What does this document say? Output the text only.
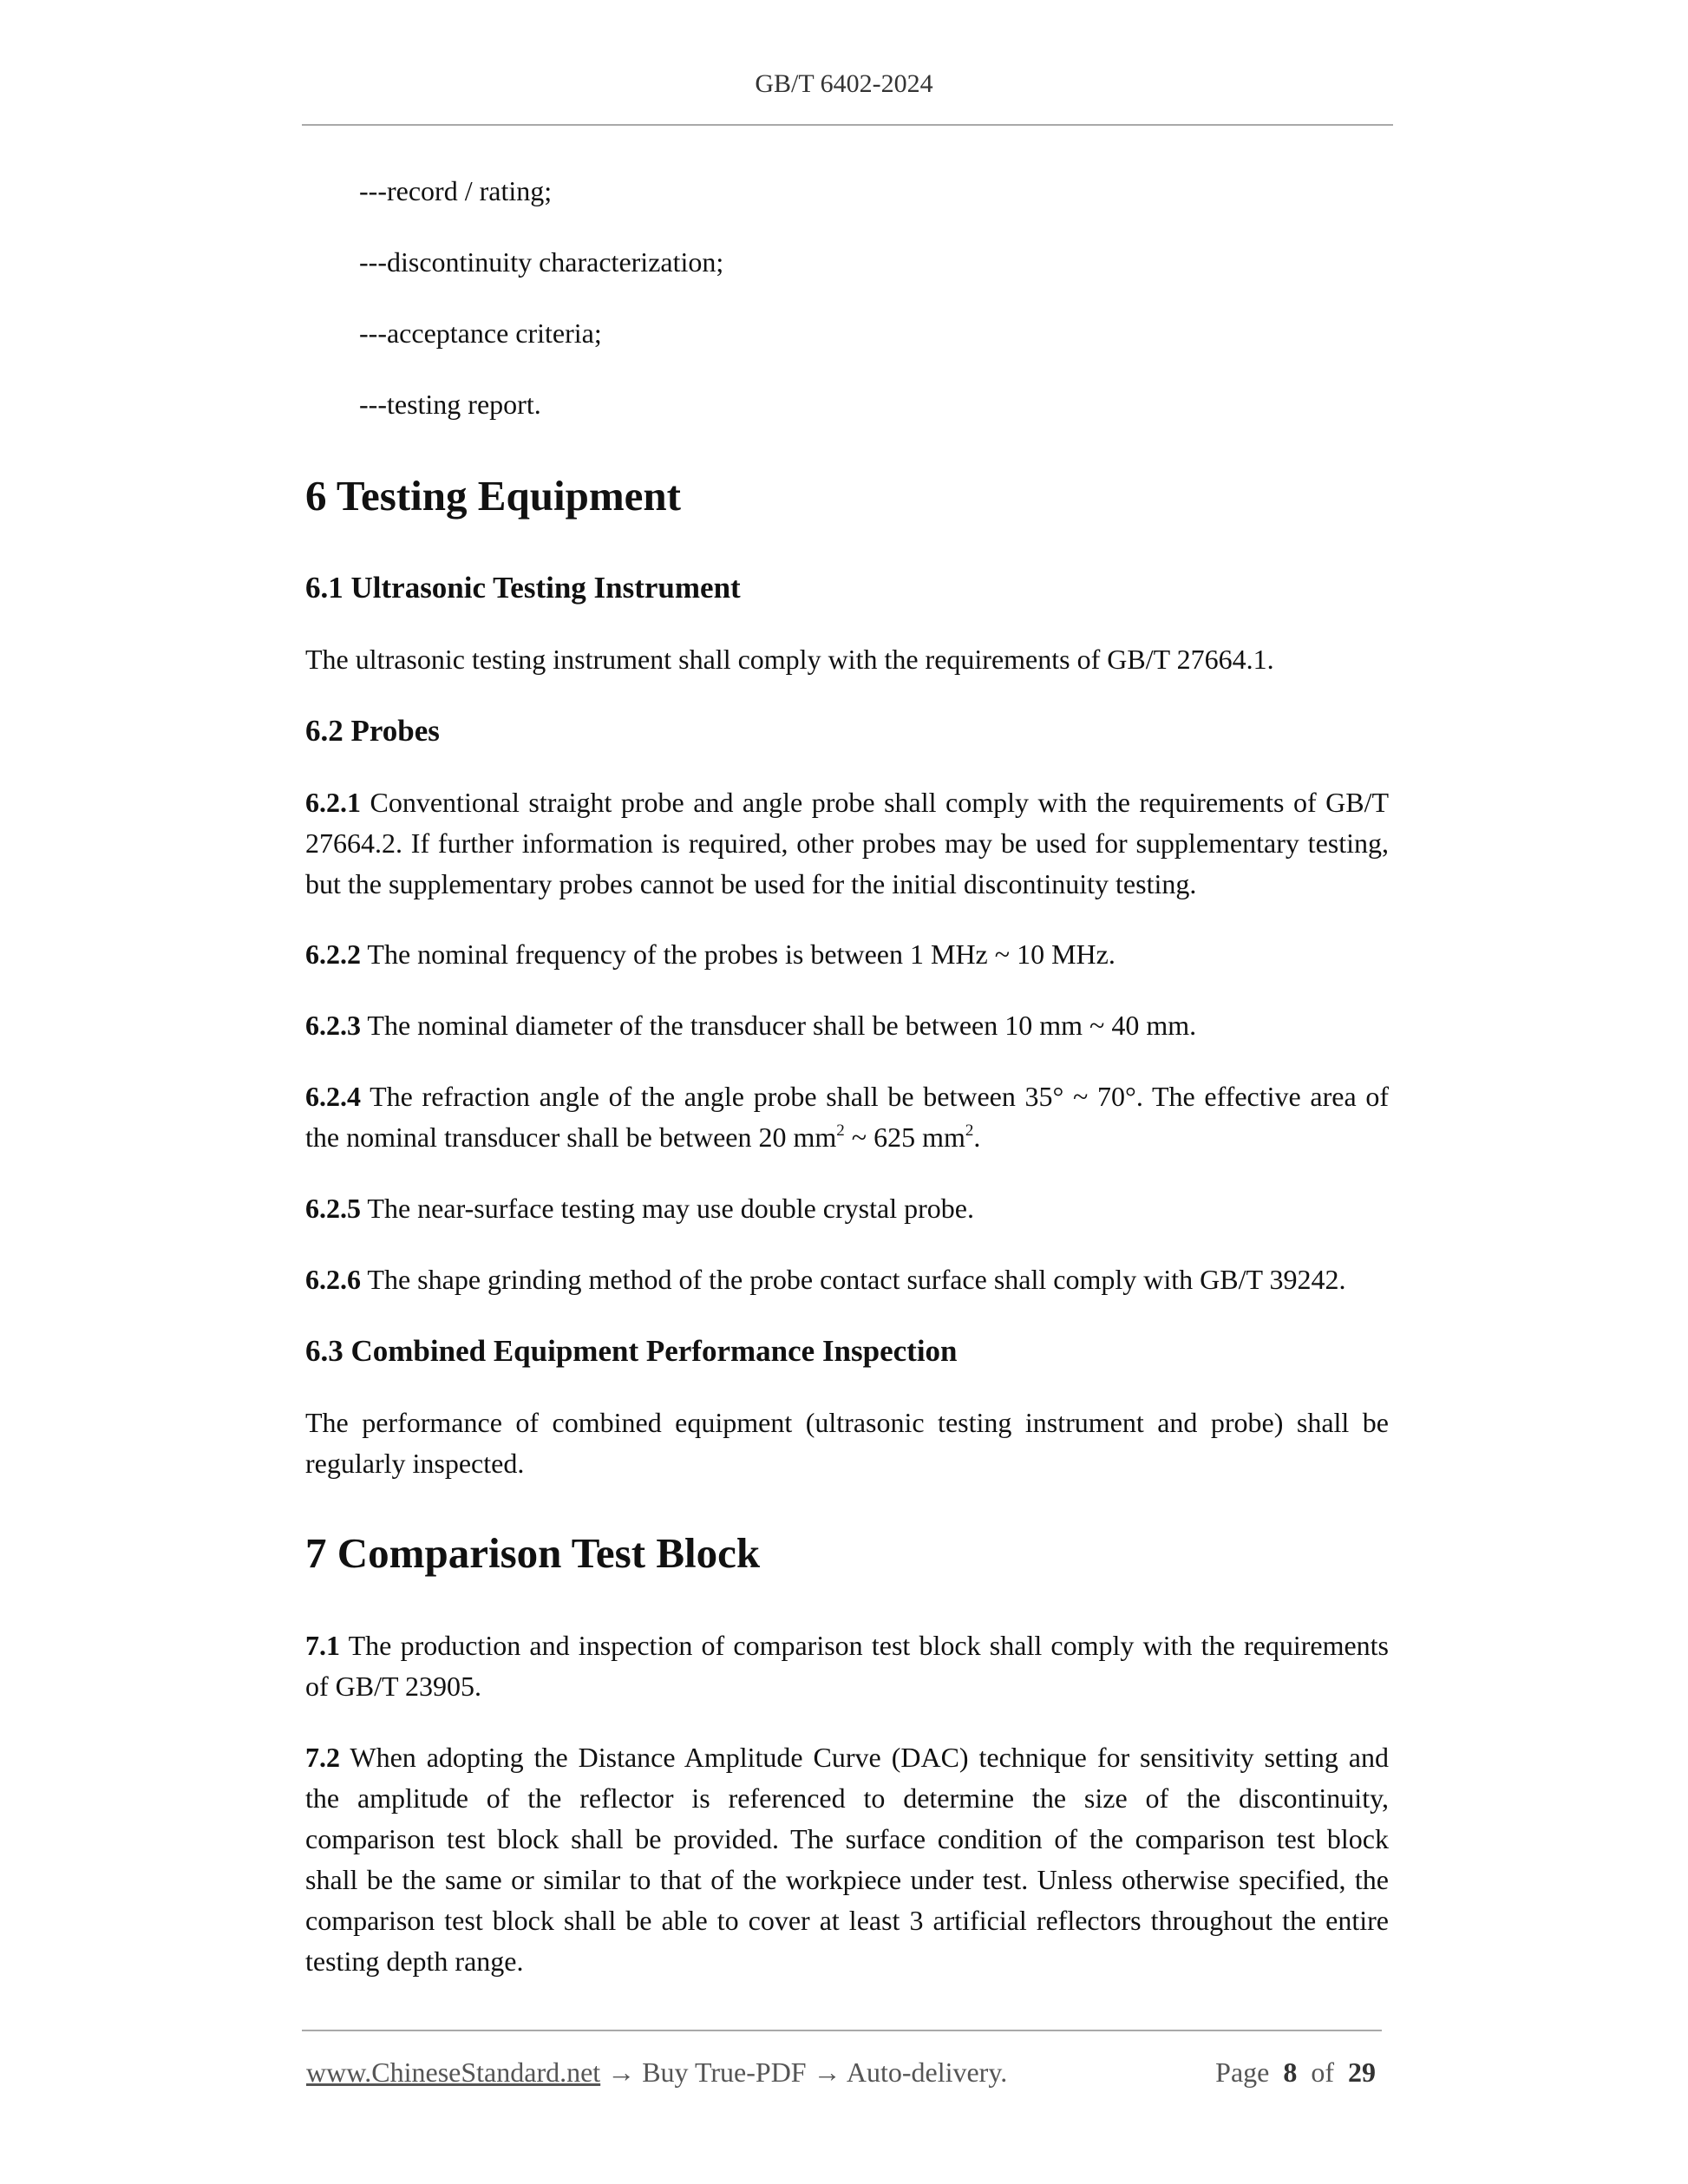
GB/T 6402-2024
---record / rating;
---discontinuity characterization;
---acceptance criteria;
---testing report.
6 Testing Equipment
6.1 Ultrasonic Testing Instrument
The ultrasonic testing instrument shall comply with the requirements of GB/T 27664.1.
6.2 Probes
6.2.1 Conventional straight probe and angle probe shall comply with the requirements of GB/T
27664.2. If further information is required, other probes may be used for supplementary testing,
but the supplementary probes cannot be used for the initial discontinuity testing.
6.2.2 The nominal frequency of the probes is between 1 MHz ~ 10 MHz.
6.2.3 The nominal diameter of the transducer shall be between 10 mm ~ 40 mm.
6.2.4 The refraction angle of the angle probe shall be between 35° ~ 70°. The effective area of
the nominal transducer shall be between 20 $mm^2$ ~ 625 $mm^2$.
6.2.5 The near-surface testing may use double crystal probe.
6.2.6 The shape grinding method of the probe contact surface shall comply with GB/T 39242.
6.3 Combined Equipment Performance Inspection
The performance of combined equipment (ultrasonic testing instrument and probe) shall be
regularly inspected.
7 Comparison Test Block
7.1 The production and inspection of comparison test block shall comply with the requirements
of GB/T 23905.
7.2 When adopting the Distance Amplitude Curve (DAC) technique for sensitivity setting and
the amplitude of the reflector is referenced to determine the size of the discontinuity,
comparison test block shall be provided. The surface condition of the comparison test block
shall be the same or similar to that of the workpiece under test. Unless otherwise specified, the
comparison test block shall be able to cover at least 3 artificial reflectors throughout the entire
testing depth range.
www.ChineseStandard.net → Buy True-PDF → Auto-delivery.	Page 8 of 29
